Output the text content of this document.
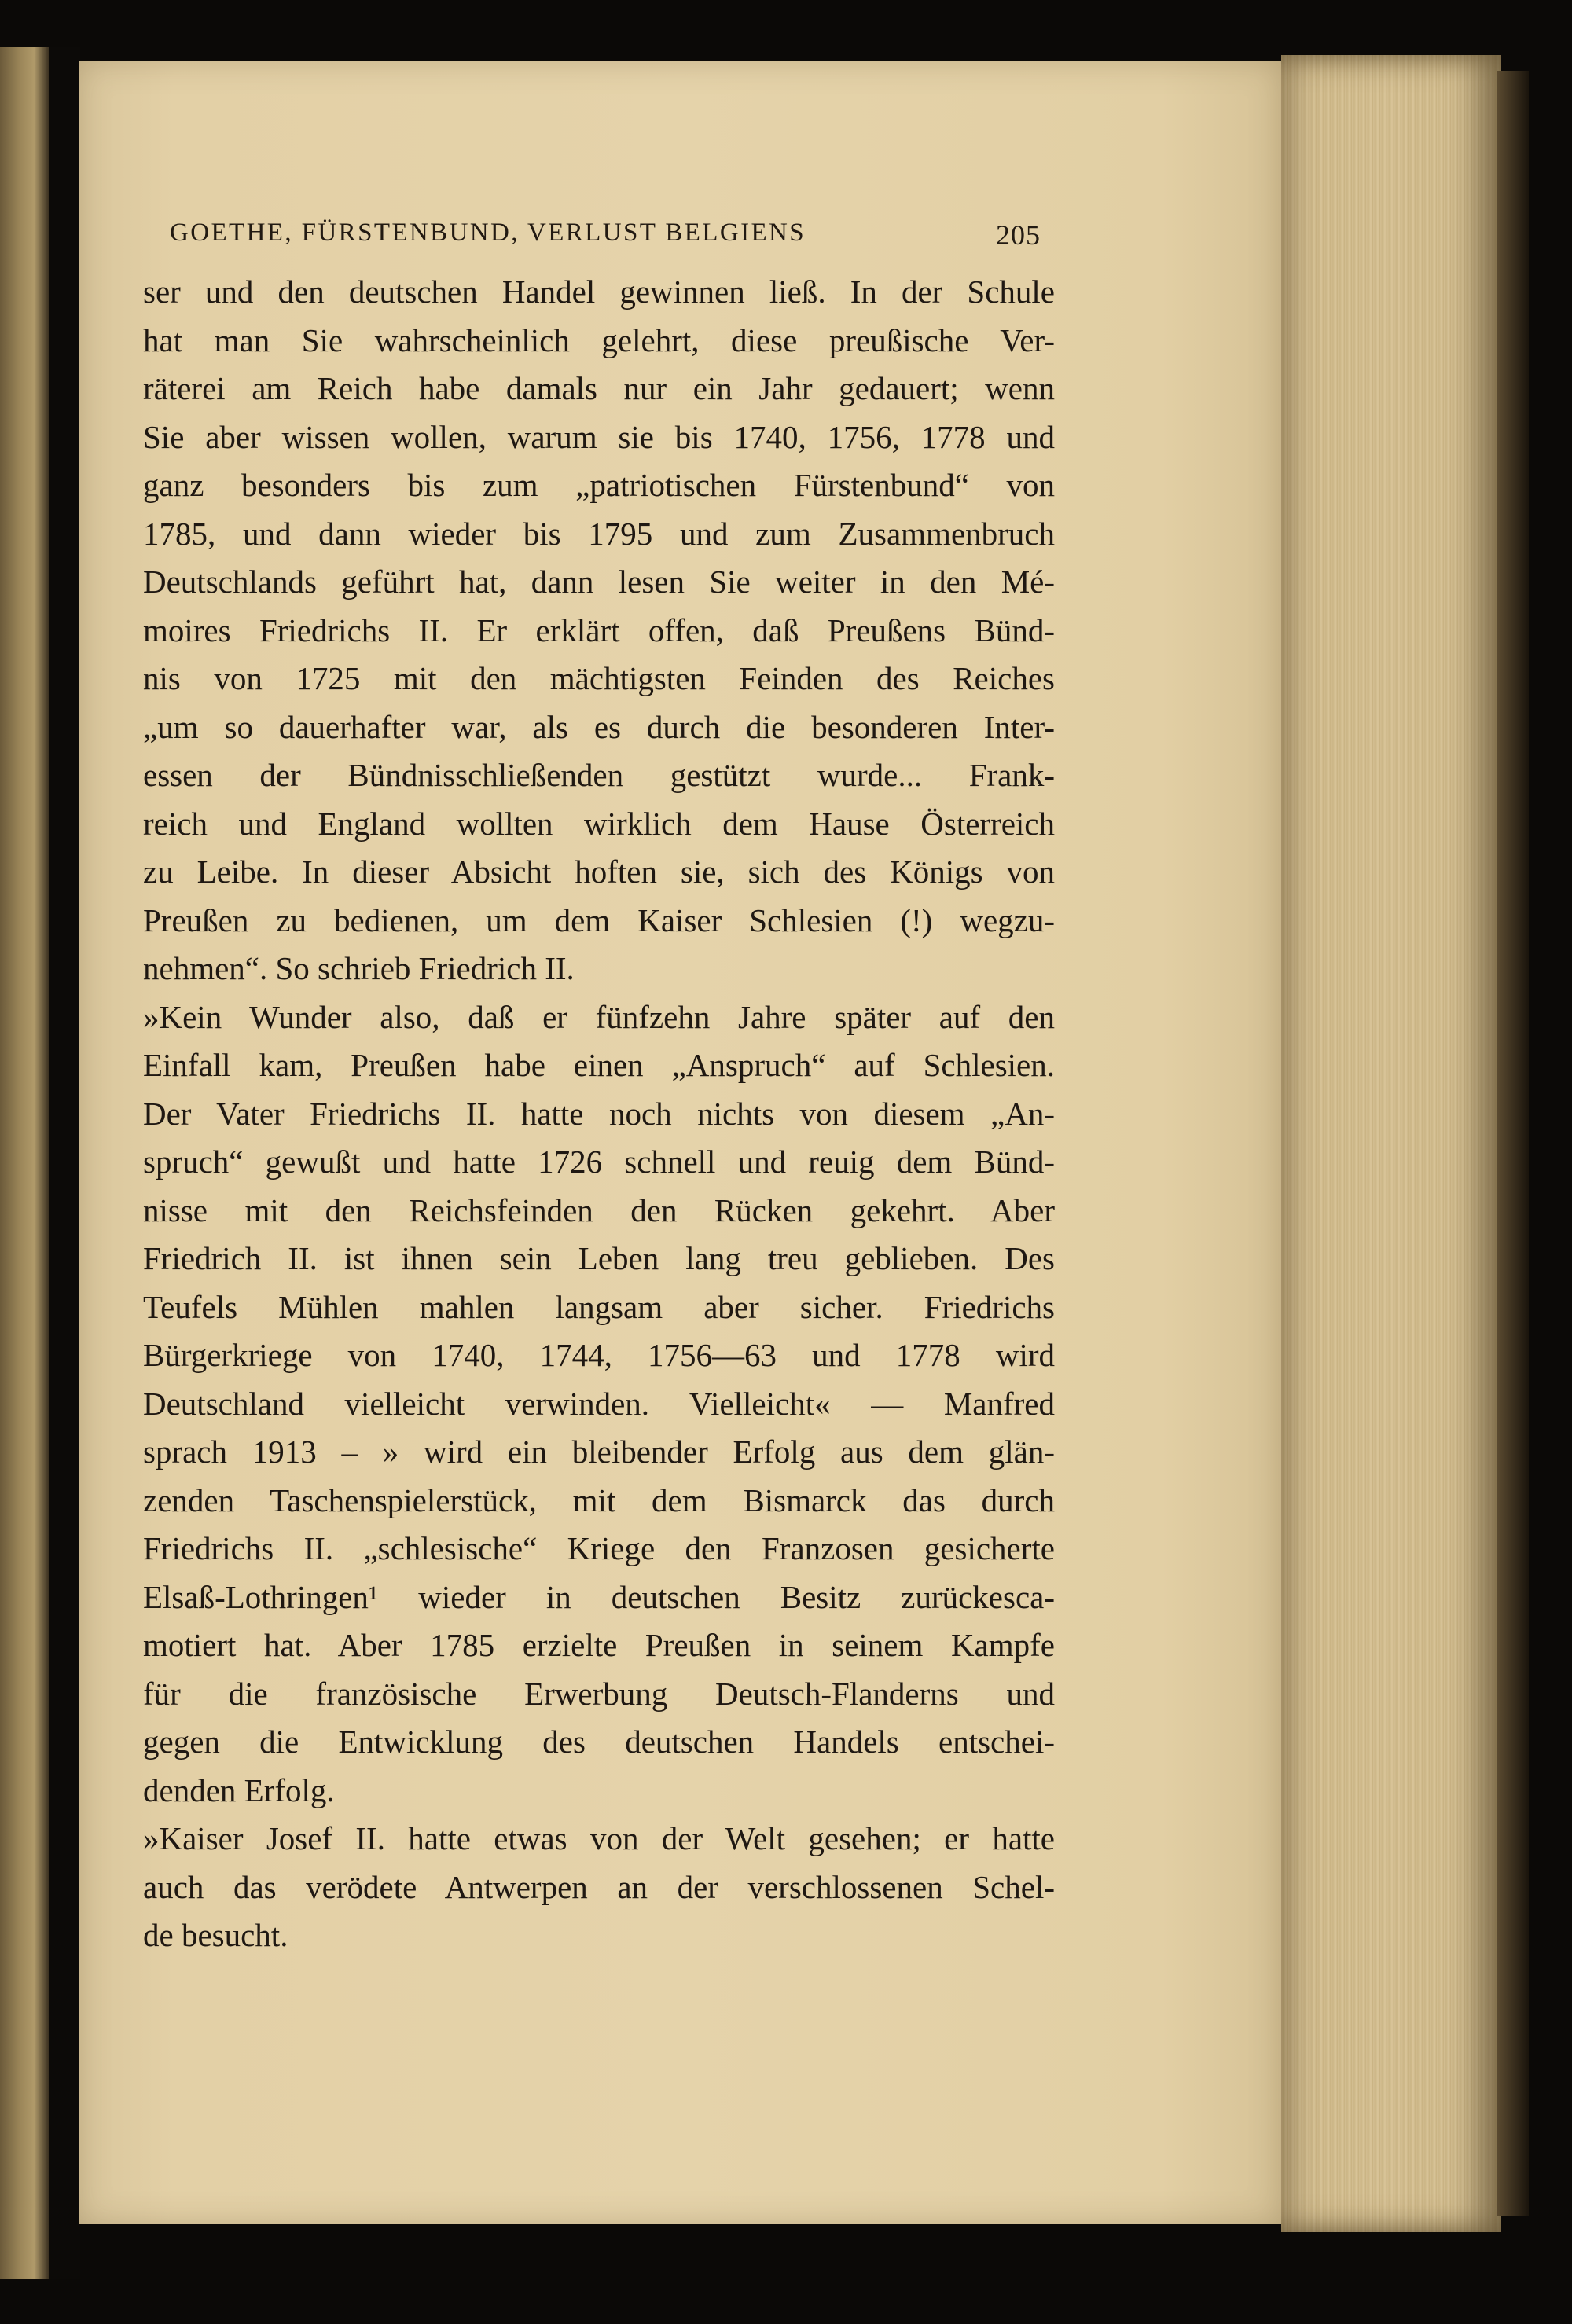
GOETHE, FÜRSTENBUND, VERLUST BELGIENS	205
ser und den deutschen Handel gewinnen ließ. In der Schule
hat man Sie wahrscheinlich gelehrt, diese preußische Ver-
räterei am Reich habe damals nur ein Jahr gedauert; wenn
Sie aber wissen wollen, warum sie bis 1740, 1756, 1778 und
ganz besonders bis zum „patriotischen Fürstenbund“ von
1785, und dann wieder bis 1795 und zum Zusammenbruch
Deutschlands geführt hat, dann lesen Sie weiter in den Mé-
moires Friedrichs II. Er erklärt offen, daß Preußens Bünd-
nis von 1725 mit den mächtigsten Feinden des Reiches
„um so dauerhafter war, als es durch die besonderen Inter-
essen der Bündnisschließenden gestützt wurde... Frank-
reich und England wollten wirklich dem Hause Österreich
zu Leibe. In dieser Absicht hoften sie, sich des Königs von
Preußen zu bedienen, um dem Kaiser Schlesien (!) wegzu-
nehmen“. So schrieb Friedrich II.
»Kein Wunder also, daß er fünfzehn Jahre später auf den
Einfall kam, Preußen habe einen „Anspruch“ auf Schlesien.
Der Vater Friedrichs II. hatte noch nichts von diesem „An-
spruch“ gewußt und hatte 1726 schnell und reuig dem Bünd-
nisse mit den Reichsfeinden den Rücken gekehrt. Aber
Friedrich II. ist ihnen sein Leben lang treu geblieben. Des
Teufels Mühlen mahlen langsam aber sicher. Friedrichs
Bürgerkriege von 1740, 1744, 1756—63 und 1778 wird
Deutschland vielleicht verwinden. Vielleicht« — Manfred
sprach 1913 – » wird ein bleibender Erfolg aus dem glän-
zenden Taschenspielerstück, mit dem Bismarck das durch
Friedrichs II. „schlesische“ Kriege den Franzosen gesicherte
Elsaß-Lothringen¹ wieder in deutschen Besitz zurückesca-
motiert hat. Aber 1785 erzielte Preußen in seinem Kampfe
für die französische Erwerbung Deutsch-Flanderns und
gegen die Entwicklung des deutschen Handels entschei-
denden Erfolg.
»Kaiser Josef II. hatte etwas von der Welt gesehen; er hatte
auch das verödete Antwerpen an der verschlossenen Schel-
de besucht.
